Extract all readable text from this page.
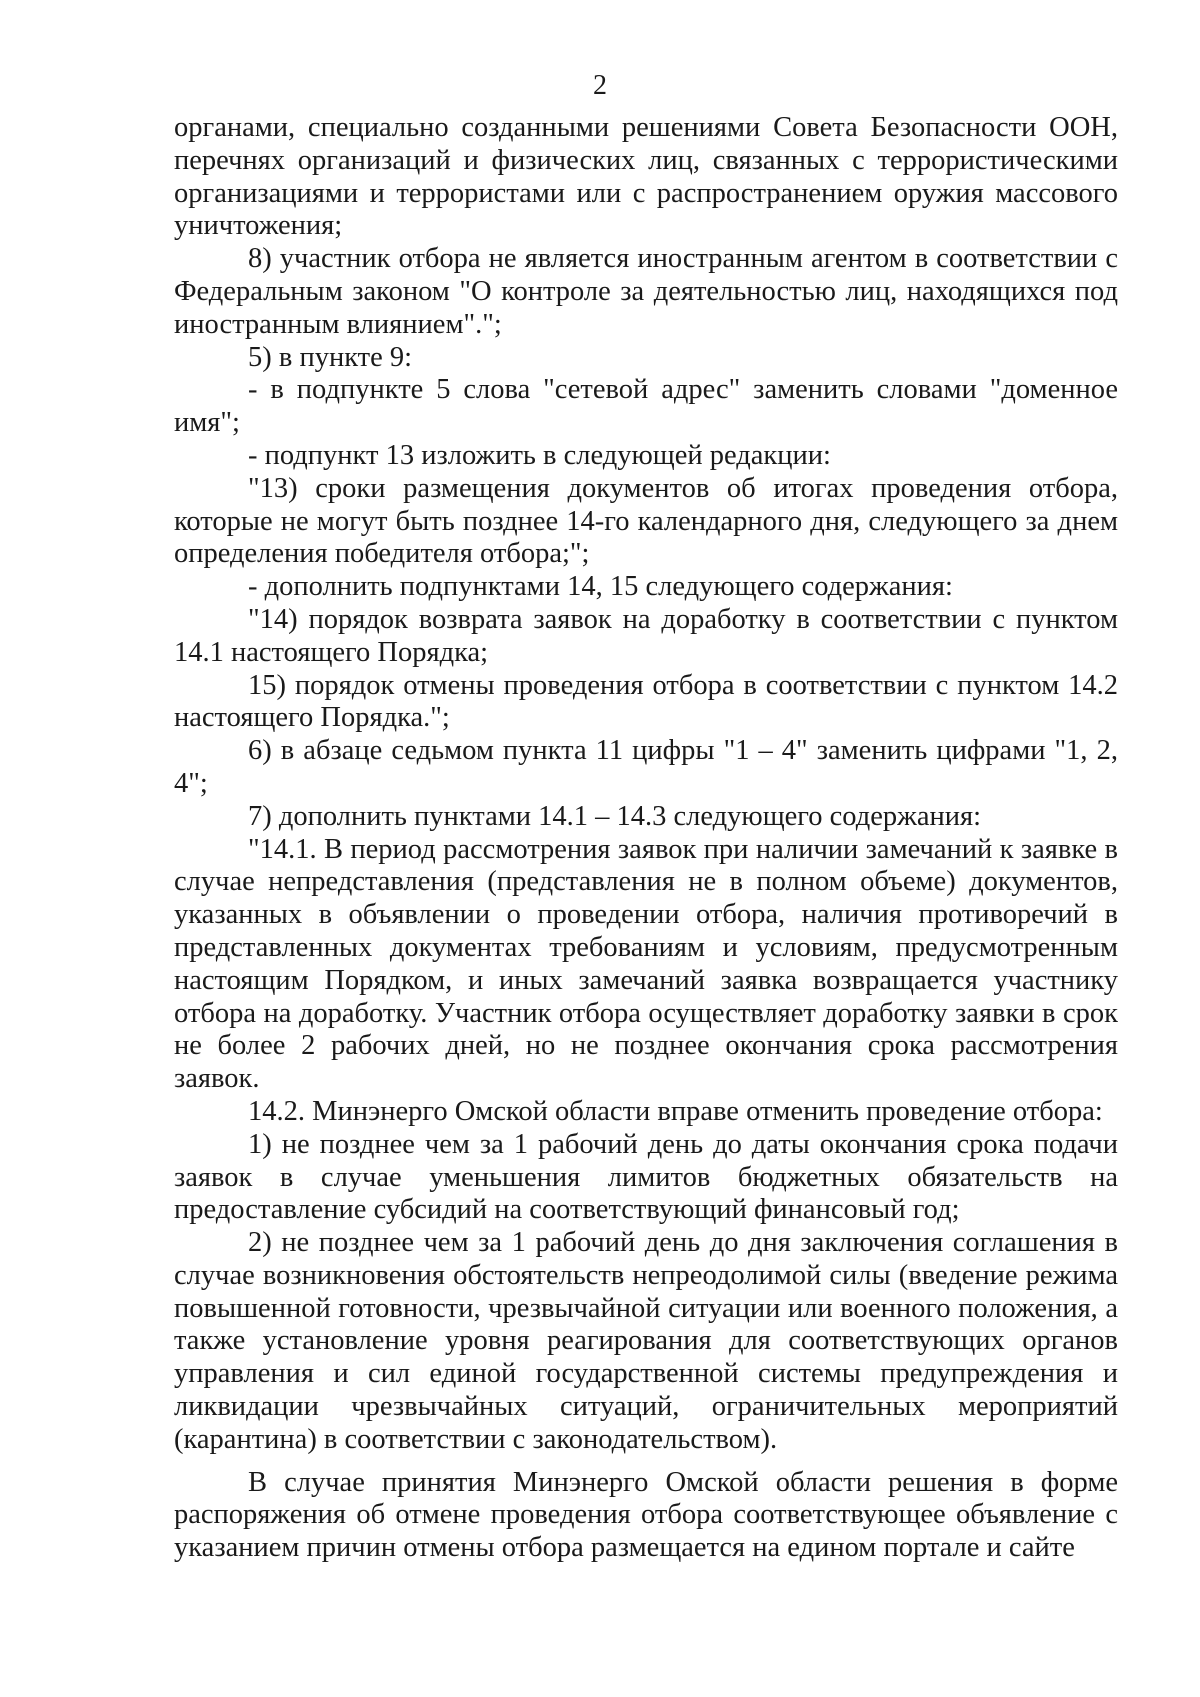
2

органами, специально созданными решениями Совета Безопасности ООН, перечнях организаций и физических лиц, связанных с террористическими организациями и террористами или с распространением оружия массового уничтожения;

8) участник отбора не является иностранным агентом в соответствии с Федеральным законом "О контроле за деятельностью лиц, находящихся под иностранным влиянием".";

5) в пункте 9:

- в подпункте 5 слова "сетевой адрес" заменить словами "доменное имя";

- подпункт 13 изложить в следующей редакции:

"13) сроки размещения документов об итогах проведения отбора, которые не могут быть позднее 14-го календарного дня, следующего за днем определения победителя отбора;";

- дополнить подпунктами 14, 15 следующего содержания:

"14) порядок возврата заявок на доработку в соответствии с пунктом 14.1 настоящего Порядка;

15) порядок отмены проведения отбора в соответствии с пунктом 14.2 настоящего Порядка.";

6) в абзаце седьмом пункта 11 цифры "1 – 4" заменить цифрами "1, 2, 4";

7) дополнить пунктами 14.1 – 14.3 следующего содержания:

"14.1. В период рассмотрения заявок при наличии замечаний к заявке в случае непредставления (представления не в полном объеме) документов, указанных в объявлении о проведении отбора, наличия противоречий в представленных документах требованиям и условиям, предусмотренным настоящим Порядком, и иных замечаний заявка возвращается участнику отбора на доработку. Участник отбора осуществляет доработку заявки в срок не более 2 рабочих дней, но не позднее окончания срока рассмотрения заявок.

14.2. Минэнерго Омской области вправе отменить проведение отбора:

1) не позднее чем за 1 рабочий день до даты окончания срока подачи заявок в случае уменьшения лимитов бюджетных обязательств на предоставление субсидий на соответствующий финансовый год;

2) не позднее чем за 1 рабочий день до дня заключения соглашения в случае возникновения обстоятельств непреодолимой силы (введение режима повышенной готовности, чрезвычайной ситуации или военного положения, а также установление уровня реагирования для соответствующих органов управления и сил единой государственной системы предупреждения и ликвидации чрезвычайных ситуаций, ограничительных мероприятий (карантина) в соответствии с законодательством).

В случае принятия Минэнерго Омской области решения в форме распоряжения об отмене проведения отбора соответствующее объявление с указанием причин отмены отбора размещается на едином портале и сайте
